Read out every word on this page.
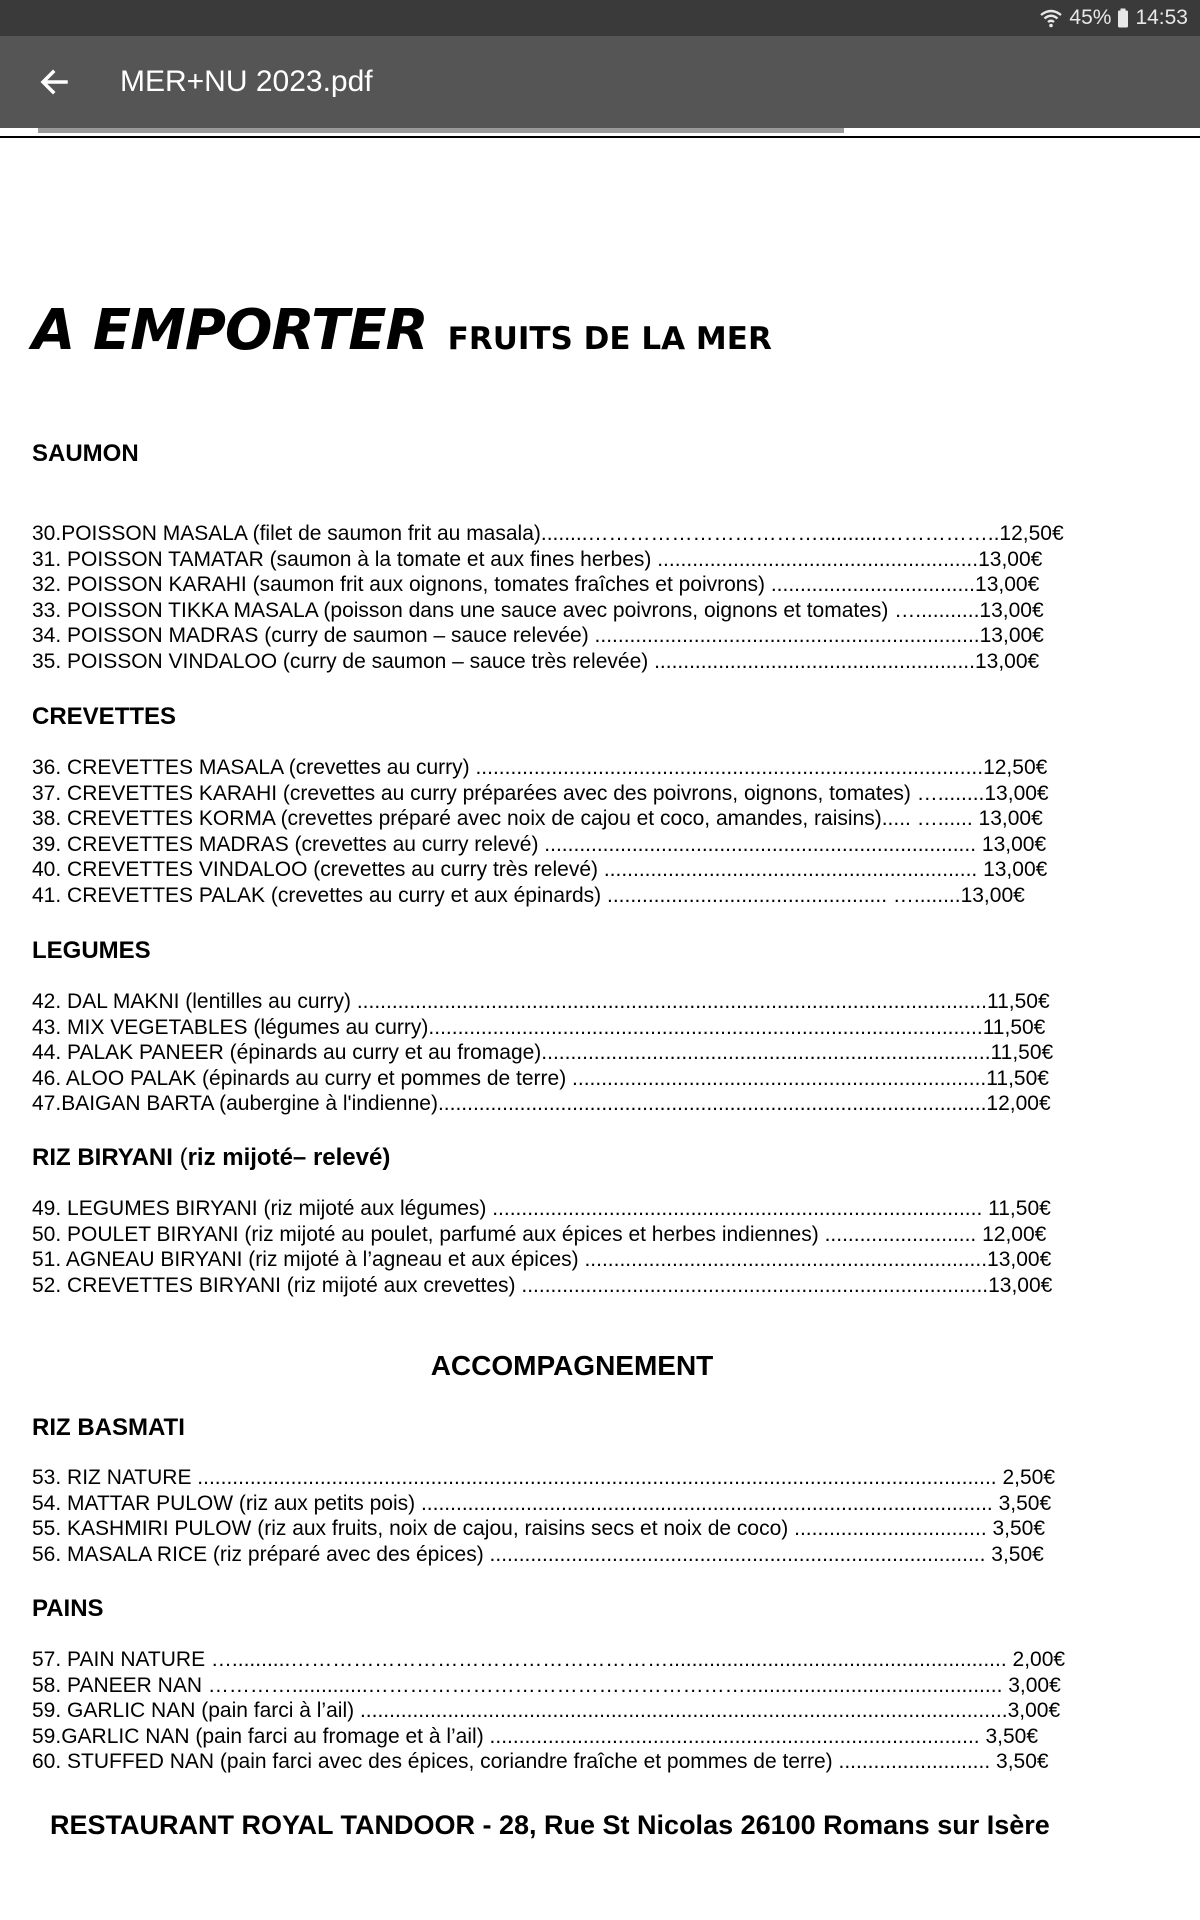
45% 14:53
MER+NU 2023.pdf
A EMPORTER FRUITS DE LA MER
SAUMON
30.POISSON MASALA (filet de saumon frit au masala)........……………………………...........……………..12,50€
31. POISSON TAMATAR (saumon à la tomate et aux fines herbes) .......................................................13,00€
32. POISSON KARAHI (saumon frit aux oignons, tomates fraîches et poivrons) ...................................13,00€
33. POISSON TIKKA MASALA (poisson dans une sauce avec poivrons, oignons et tomates) …...........13,00€
34. POISSON MADRAS (curry de saumon – sauce relevée) ..................................................................13,00€
35. POISSON VINDALOO (curry de saumon – sauce très relevée) .......................................................13,00€
CREVETTES
36. CREVETTES MASALA (crevettes au curry) .......................................................................................12,50€
37. CREVETTES KARAHI (crevettes au curry préparées avec des poivrons, oignons, tomates) …........13,00€
38. CREVETTES KORMA (crevettes préparé avec noix de cajou et coco, amandes, raisins)..... …...... 13,00€
39. CREVETTES MADRAS (crevettes au curry relevé) .......................................................................... 13,00€
40. CREVETTES VINDALOO (crevettes au curry très relevé) ................................................................ 13,00€
41. CREVETTES PALAK (crevettes au curry et aux épinards) ................................................ …........13,00€
LEGUMES
42. DAL MAKNI (lentilles au curry) ............................................................................................................11,50€
43. MIX VEGETABLES (légumes au curry)...............................................................................................11,50€
44. PALAK PANEER (épinards au curry et au fromage).............................................................................11,50€
46. ALOO PALAK (épinards au curry et pommes de terre) .......................................................................11,50€
47.BAIGAN BARTA (aubergine à l'indienne)..............................................................................................12,00€
RIZ BIRYANI (riz mijoté– relevé)
49. LEGUMES BIRYANI (riz mijoté aux légumes) .................................................................................... 11,50€
50. POULET BIRYANI (riz mijoté au poulet, parfumé aux épices et herbes indiennes) .......................... 12,00€
51. AGNEAU BIRYANI (riz mijoté à l’agneau et aux épices) .....................................................................13,00€
52. CREVETTES BIRYANI (riz mijoté aux crevettes) ................................................................................13,00€
ACCOMPAGNEMENT
RIZ BASMATI
53. RIZ NATURE ......................................................................................................................................... 2,50€
54. MATTAR PULOW (riz aux petits pois) .................................................................................................. 3,50€
55. KASHMIRI PULOW (riz aux fruits, noix de cajou, raisins secs et noix de coco) ................................. 3,50€
56. MASALA RICE (riz préparé avec des épices) ..................................................................................... 3,50€
PAINS
57. PAIN NATURE …..........……………………………………………….......................................................... 2,00€
58. PANEER NAN ………….............………………………………………………............................................ 3,00€
59. GARLIC NAN (pain farci à l’ail) ...............................................................................................................3,00€
59.GARLIC NAN (pain farci au fromage et à l’ail) .................................................................................... 3,50€
60. STUFFED NAN (pain farci avec des épices, coriandre fraîche et pommes de terre) .......................... 3,50€
RESTAURANT ROYAL TANDOOR - 28, Rue St Nicolas 26100 Romans sur Isère
